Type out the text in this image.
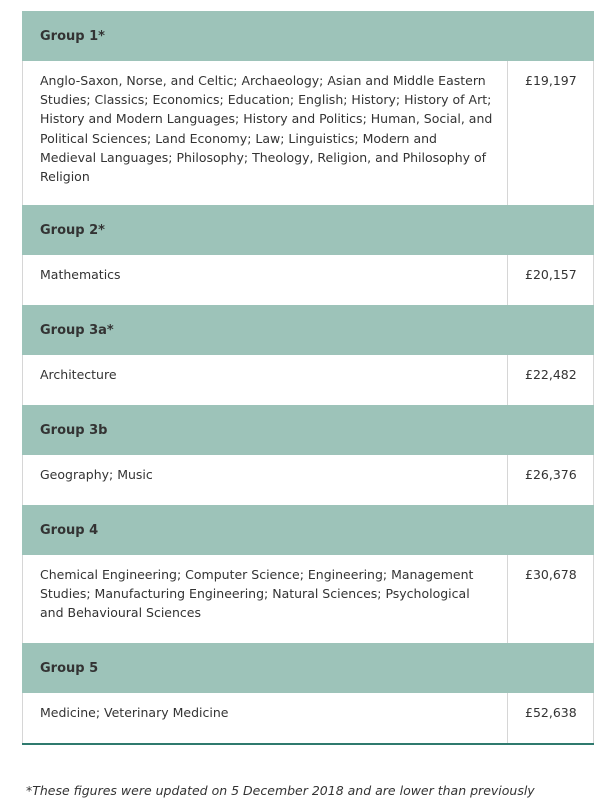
Group 1*	
Anglo-Saxon, Norse, and Celtic; Archaeology; Asian and Middle Eastern Studies; Classics; Economics; Education; English; History; History of Art; History and Modern Languages; History and Politics; Human, Social, and Political Sciences; Land Economy; Law; Linguistics; Modern and Medieval Languages; Philosophy; Theology, Religion, and Philosophy of Religion	£19,197
Group 2*	
Mathematics	£20,157
Group 3a*	
Architecture	£22,482
Group 3b	
Geography; Music	£26,376
Group 4	
Chemical Engineering; Computer Science; Engineering; Management Studies; Manufacturing Engineering; Natural Sciences; Psychological and Behavioural Sciences	£30,678
Group 5	
Medicine; Veterinary Medicine	£52,638
*These figures were updated on 5 December 2018 and are lower than previously
